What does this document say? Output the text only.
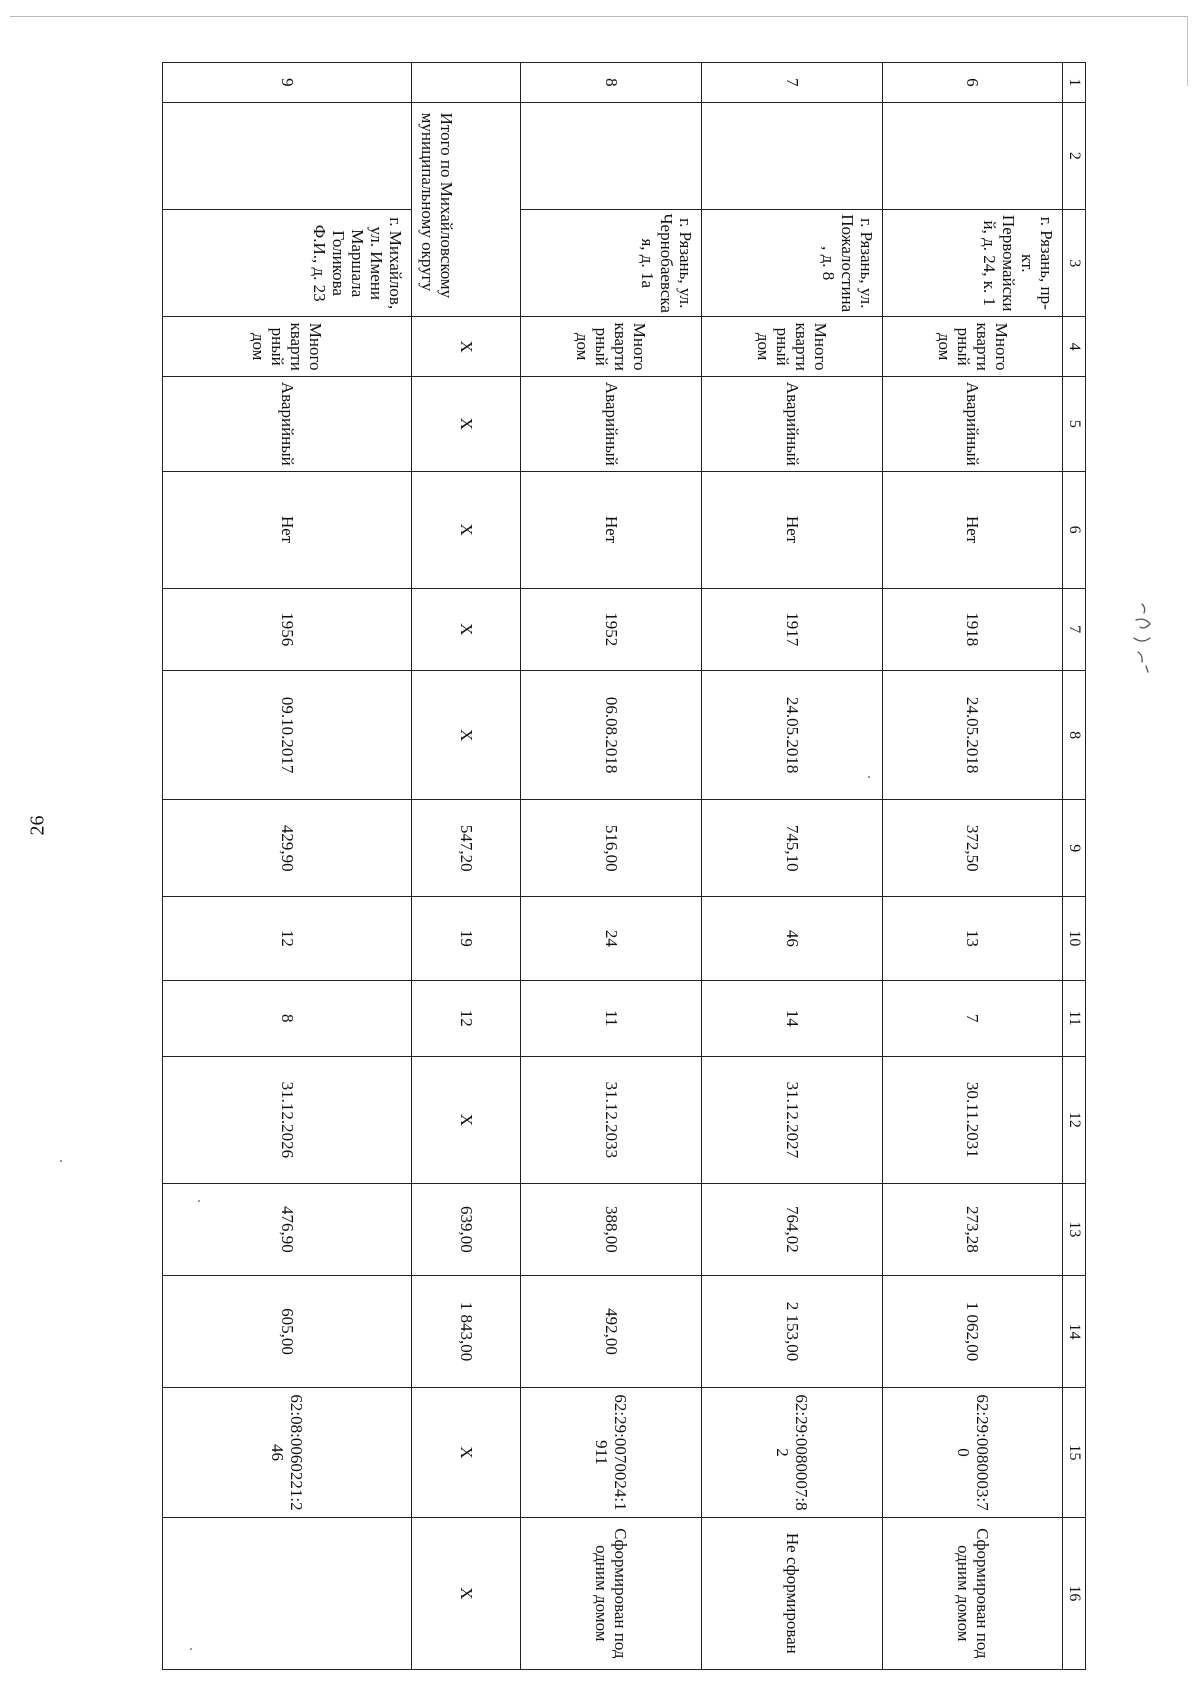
26
1	2	3	4	5	6	7	8	9	10	11	12	13	14	15	16
6		г. Рязань, пр-кт. Первомайский, д. 24, к. 1	Многоквартирный дом	Аварийный	Нет	1918	24.05.2018	372,50	13	7	30.11.2031	273,28	1 062,00	62:29:0080003:70	Сформирован под одним домом
7		г. Рязань, ул. Пожалостина, д. 8	Многоквартирный дом	Аварийный	Нет	1917	24.05.2018	745,10	46	14	31.12.2027	764,02	2 153,00	62:29:0080007:82	Не сформирован
8		г. Рязань, ул. Чернобаевская, д. 1а	Многоквартирный дом	Аварийный	Нет	1952	06.08.2018	516,00	24	11	31.12.2033	388,00	492,00	62:29:0070024:1911	Сформирован под одним домом
	Итого по Михайловскому муниципальному округу		X	X	X	X	X	547,20	19	12	X	639,00	1 843,00	X	X
9		г. Михайлов, ул. Имени Маршала Голикова Ф.И., д. 23	Многоквартирный дом	Аварийный	Нет	1956	09.10.2017	429,90	12	8	31.12.2026	476,90	605,00	62:08:0060221:246	
